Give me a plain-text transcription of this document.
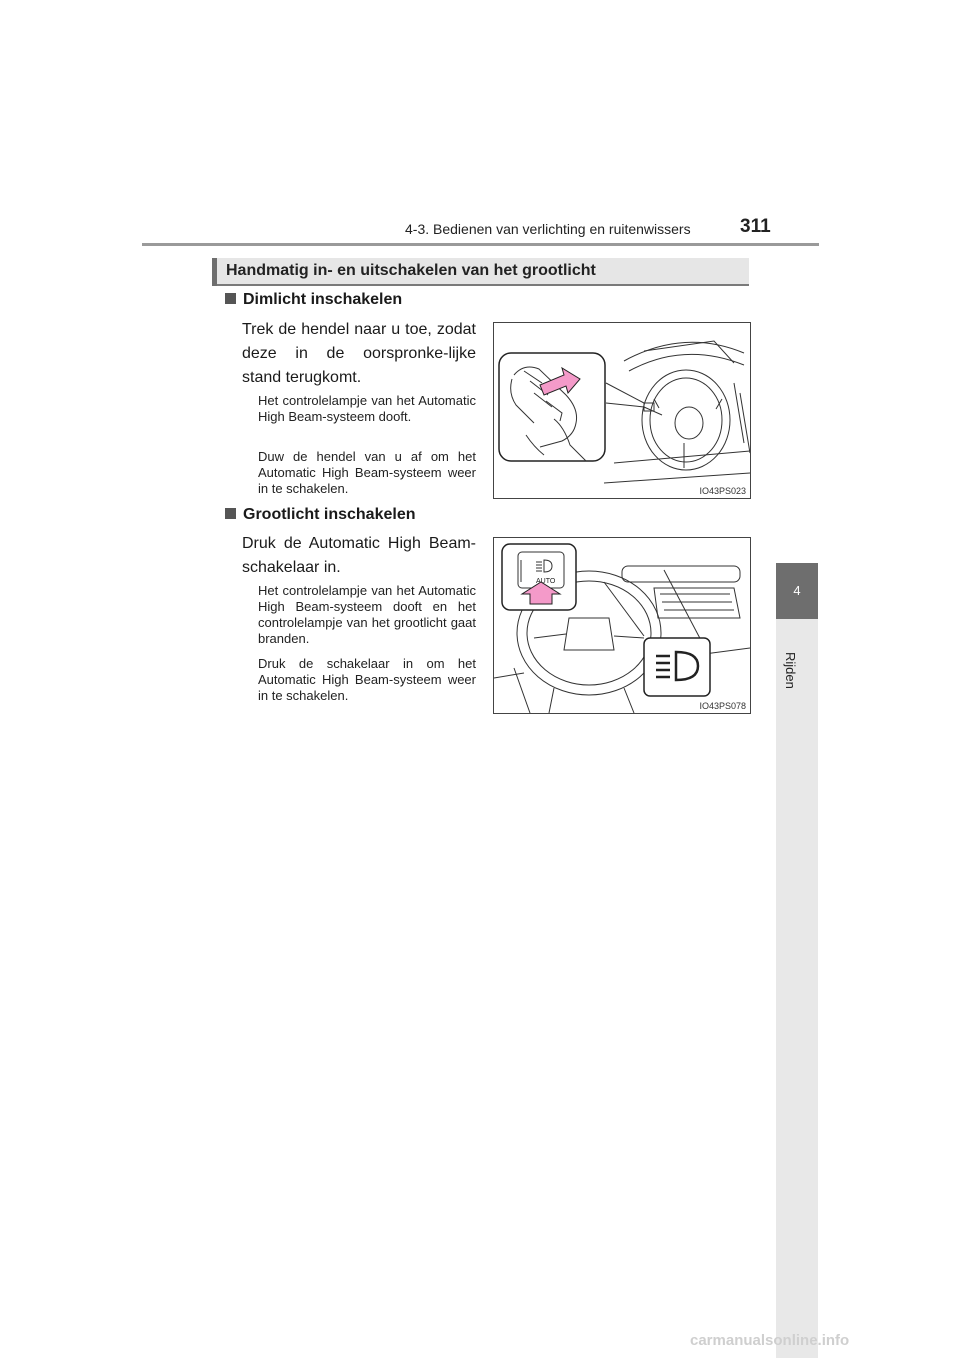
4-3. Bedienen van verlichting en ruitenwissers	311
4
Rijden
Handmatig in- en uitschakelen van het grootlicht
Dimlicht inschakelen
Trek de hendel naar u toe, zodat deze in de oorspronke-lijke stand terugkomt.
Het controlelampje van het Automatic High Beam-systeem dooft.
Duw de hendel van u af om het Automatic High Beam-systeem weer in te schakelen.	IO43PS023
Grootlicht inschakelen
Druk de Automatic High Beam-schakelaar in.
Het controlelampje van het Automatic High Beam-systeem dooft en het controlelampje van het grootlicht gaat branden.
Druk de schakelaar in om het Automatic High Beam-systeem weer in te schakelen.
AUTO
IO43PS078
carmanualsonline.info
